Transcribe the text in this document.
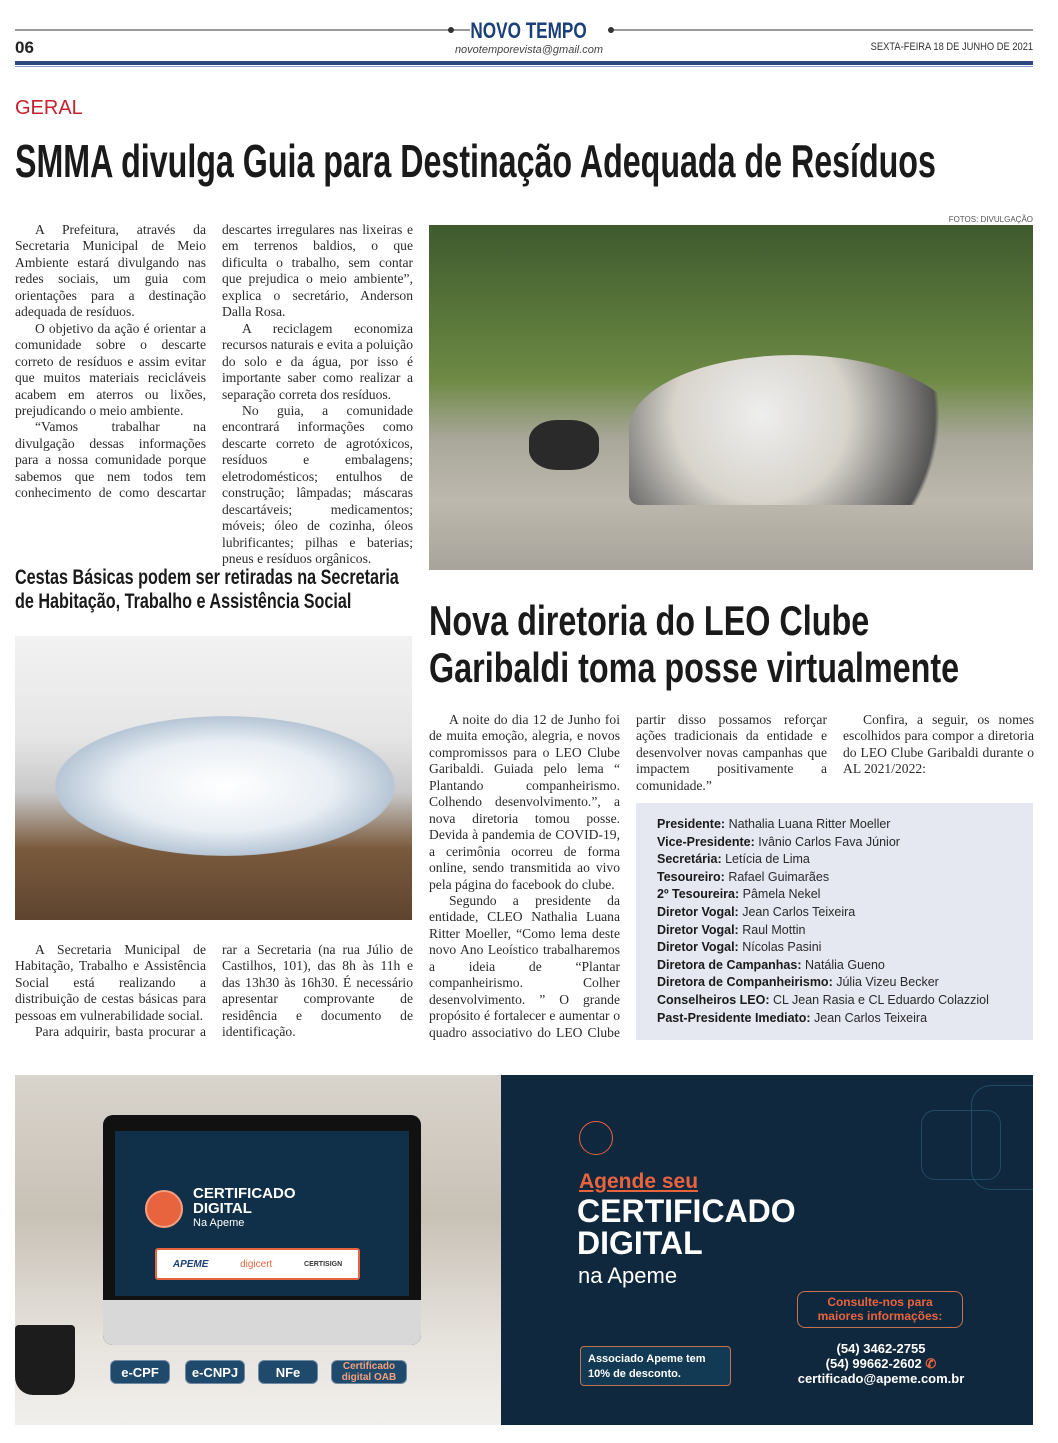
NOVO TEMPO
06	novotemporevista@gmail.com	SEXTA-FEIRA 18 DE JUNHO DE 2021
GERAL
SMMA divulga Guia para Destinação Adequada de Resíduos

A Prefeitura, através da Secretaria Municipal de Meio Ambiente estará divulgando nas redes sociais, um guia com orientações para a destinação adequada de resíduos.

O objetivo da ação é orientar a comunidade sobre o descarte correto de resíduos e assim evitar que muitos materiais recicláveis acabem em aterros ou lixões, prejudicando o meio ambiente.

“Vamos trabalhar na divulgação dessas informações para a nossa comunidade porque sabemos que nem todos tem conhecimento de como descartar

descartes irregulares nas lixeiras e em terrenos baldios, o que dificulta o trabalho, sem contar que prejudica o meio ambiente”, explica o secretário, Anderson Dalla Rosa.

A reciclagem economiza recursos naturais e evita a poluição do solo e da água, por isso é importante saber como realizar a separação correta dos resíduos.

No guia, a comunidade encontrará informações como descarte correto de agrotóxicos, resíduos e embalagens; eletrodomésticos; entulhos de construção; lâmpadas; máscaras descartáveis; medicamentos; móveis; óleo de cozinha, óleos lubrificantes; pilhas e baterias; pneus e resíduos orgânicos.

FOTOS: DIVULGAÇÃO
Cestas Básicas podem ser retiradas na Secretaria de Habitação, Trabalho e Assistência Social

A Secretaria Municipal de Habitação, Trabalho e Assistência Social está realizando a distribuição de cestas básicas para pessoas em vulnerabilidade social.

Para adquirir, basta procurar a

rar a Secretaria (na rua Júlio de Castilhos, 101), das 8h às 11h e das 13h30 às 16h30. É necessário apresentar comprovante de residência e documento de identificação.

Nova diretoria do LEO Clube
Garibaldi toma posse virtualmente

A noite do dia 12 de Junho foi de muita emoção, alegria, e novos compromissos para o LEO Clube Garibaldi. Guiada pelo lema “ Plantando companheirismo. Colhendo desenvolvimento.”, a nova diretoria tomou posse. Devida à pandemia de COVID-19, a cerimônia ocorreu de forma online, sendo transmitida ao vivo pela página do facebook do clube.

Segundo a presidente da entidade, CLEO Nathalia Luana Ritter Moeller, “Como lema deste novo Ano Leoístico trabalharemos a ideia de “Plantar companheirismo. Colher desenvolvimento. ” O grande propósito é fortalecer e aumentar o quadro associativo do LEO Clube

partir disso possamos reforçar ações tradicionais da entidade e desenvolver novas campanhas que impactem positivamente a comunidade.”

Confira, a seguir, os nomes escolhidos para compor a diretoria do LEO Clube Garibaldi durante o AL 2021/2022:

Presidente: Nathalia Luana Ritter Moeller
Vice-Presidente: Ivânio Carlos Fava Júnior
Secretária: Letícia de Lima
Tesoureiro: Rafael Guimarães
2º Tesoureira: Pâmela Nekel
Diretor Vogal: Jean Carlos Teixeira
Diretor Vogal: Raul Mottin
Diretor Vogal: Nícolas Pasini
Diretora de Campanhas: Natália Gueno
Diretora de Companheirismo: Júlia Vizeu Becker
Conselheiros LEO: CL Jean Rasia e CL Eduardo Colazziol
Past-Presidente Imediato: Jean Carlos Teixeira
CERTIFICADO
DIGITAL
Na Apeme
APEME	digicert	CERTISIGN
e-CPF	e-CNPJ	NFe	Certificado digital OAB
Agende seu
CERTIFICADO
DIGITAL
na Apeme
Consulte-nos para maiores informações:
Associado Apeme tem 10% de desconto.
(54) 3462-2755
(54) 99662-2602 ✆
certificado@apeme.com.br
